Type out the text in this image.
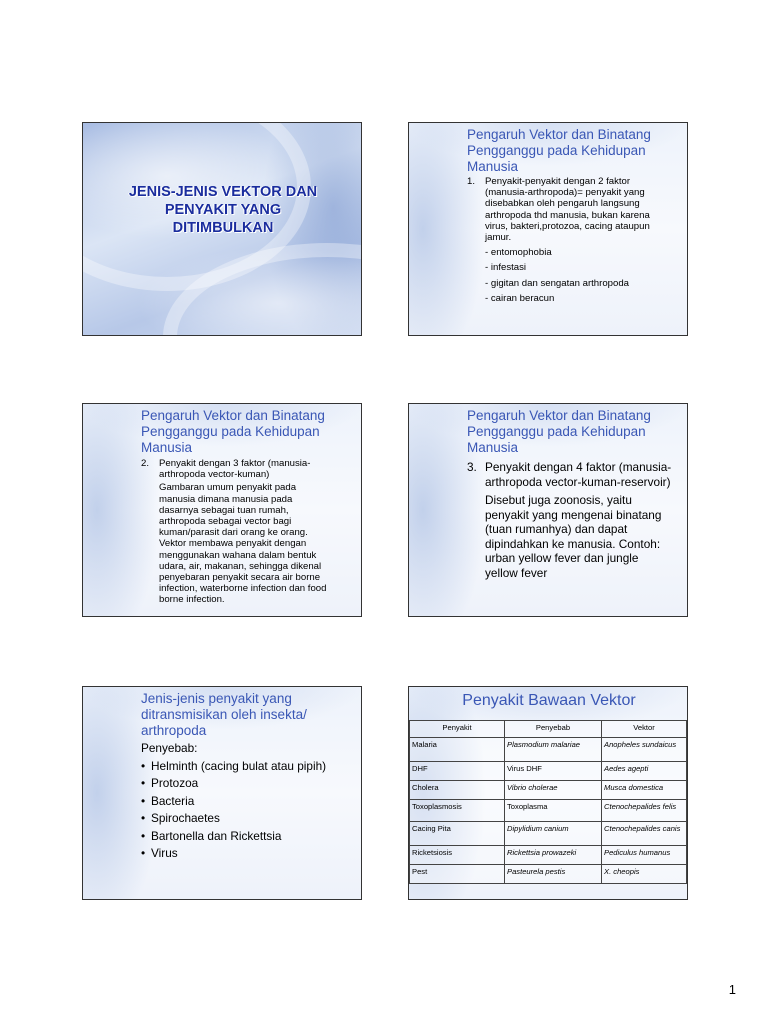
JENIS-JENIS VEKTOR DAN
PENYAKIT YANG
DITIMBULKAN
Pengaruh Vektor dan Binatang
Pengganggu pada Kehidupan
Manusia
1. Penyakit-penyakit dengan 2 faktor
(manusia-arthropoda)= penyakit yang
disebabkan oleh pengaruh langsung
arthropoda thd manusia, bukan karena
virus, bakteri,protozoa, cacing ataupun
jamur.
- entomophobia
- infestasi
- gigitan dan sengatan arthropoda
- cairan beracun
Pengaruh Vektor dan Binatang
Pengganggu pada Kehidupan
Manusia
2. Penyakit dengan 3 faktor (manusia-
arthropoda vector-kuman)
Gambaran umum penyakit pada
manusia dimana manusia pada
dasarnya sebagai tuan rumah,
arthropoda sebagai vector bagi
kuman/parasit dari orang ke orang.
Vektor membawa penyakit dengan
menggunakan wahana dalam bentuk
udara, air, makanan, sehingga dikenal
penyebaran penyakit secara air borne
infection, waterborne infection dan food
borne infection.
Pengaruh Vektor dan Binatang
Pengganggu pada Kehidupan
Manusia
3. Penyakit dengan 4 faktor (manusia-
arthropoda vector-kuman-reservoir)
Disebut juga zoonosis, yaitu
penyakit yang mengenai binatang
(tuan rumanhya) dan dapat
dipindahkan ke manusia. Contoh:
urban yellow fever dan jungle
yellow fever
Jenis-jenis penyakit yang
ditransmisikan oleh insekta/
arthropoda
Penyebab:
• Helminth (cacing bulat atau pipih)
• Protozoa
• Bacteria
• Spirochaetes
• Bartonella dan Rickettsia
• Virus
Penyakit Bawaan Vektor
Penyakit	Penyebab	Vektor
Malaria	Plasmodium malariae	Anopheles sundaicus
DHF	Virus DHF	Aedes agepti
Cholera	Vibrio cholerae	Musca domestica
Toxoplasmosis	Toxoplasma	Ctenochepalides felis
Cacing Pita	Dipylidium canium	Ctenochepalides canis
Ricketsiosis	Rickettsia prowazeki	Pediculus humanus
Pest	Pasteurela pestis	X. cheopis
1
